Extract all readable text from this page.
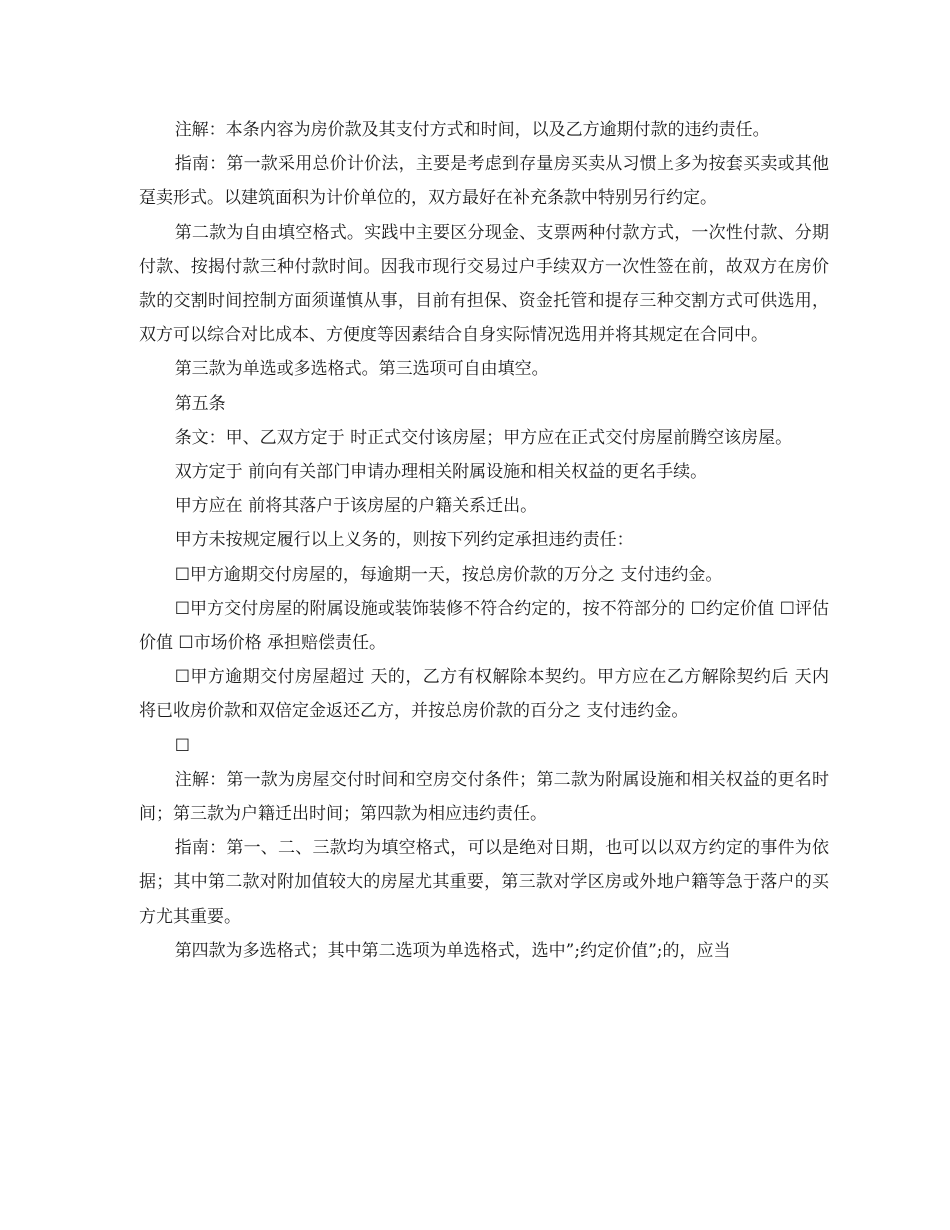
注解：本条内容为房价款及其支付方式和时间，以及乙方逾期付款的违约责任。

指南：第一款采用总价计价法，主要是考虑到存量房买卖从习惯上多为按套买卖或其他趸卖形式。以建筑面积为计价单位的，双方最好在补充条款中特别另行约定。

第二款为自由填空格式。实践中主要区分现金、支票两种付款方式，一次性付款、分期付款、按揭付款三种付款时间。因我市现行交易过户手续双方一次性签在前，故双方在房价款的交割时间控制方面须谨慎从事，目前有担保、资金托管和提存三种交割方式可供选用，双方可以综合对比成本、方便度等因素结合自身实际情况选用并将其规定在合同中。

第三款为单选或多选格式。第三选项可自由填空。

第五条

条文：甲、乙双方定于 时正式交付该房屋；甲方应在正式交付房屋前腾空该房屋。

双方定于 前向有关部门申请办理相关附属设施和相关权益的更名手续。

甲方应在 前将其落户于该房屋的户籍关系迁出。

甲方未按规定履行以上义务的，则按下列约定承担违约责任：

☐甲方逾期交付房屋的，每逾期一天，按总房价款的万分之 支付违约金。

☐甲方交付房屋的附属设施或装饰装修不符合约定的，按不符部分的 ☐约定价值 ☐评估价值 ☐市场价格 承担赔偿责任。

☐甲方逾期交付房屋超过 天的，乙方有权解除本契约。甲方应在乙方解除契约后 天内将已收房价款和双倍定金返还乙方，并按总房价款的百分之 支付违约金。

☐

注解：第一款为房屋交付时间和空房交付条件；第二款为附属设施和相关权益的更名时间；第三款为户籍迁出时间；第四款为相应违约责任。

指南：第一、二、三款均为填空格式，可以是绝对日期，也可以以双方约定的事件为依据；其中第二款对附加值较大的房屋尤其重要，第三款对学区房或外地户籍等急于落户的买方尤其重要。

第四款为多选格式；其中第二选项为单选格式，选中”;约定价值”;的，应当
